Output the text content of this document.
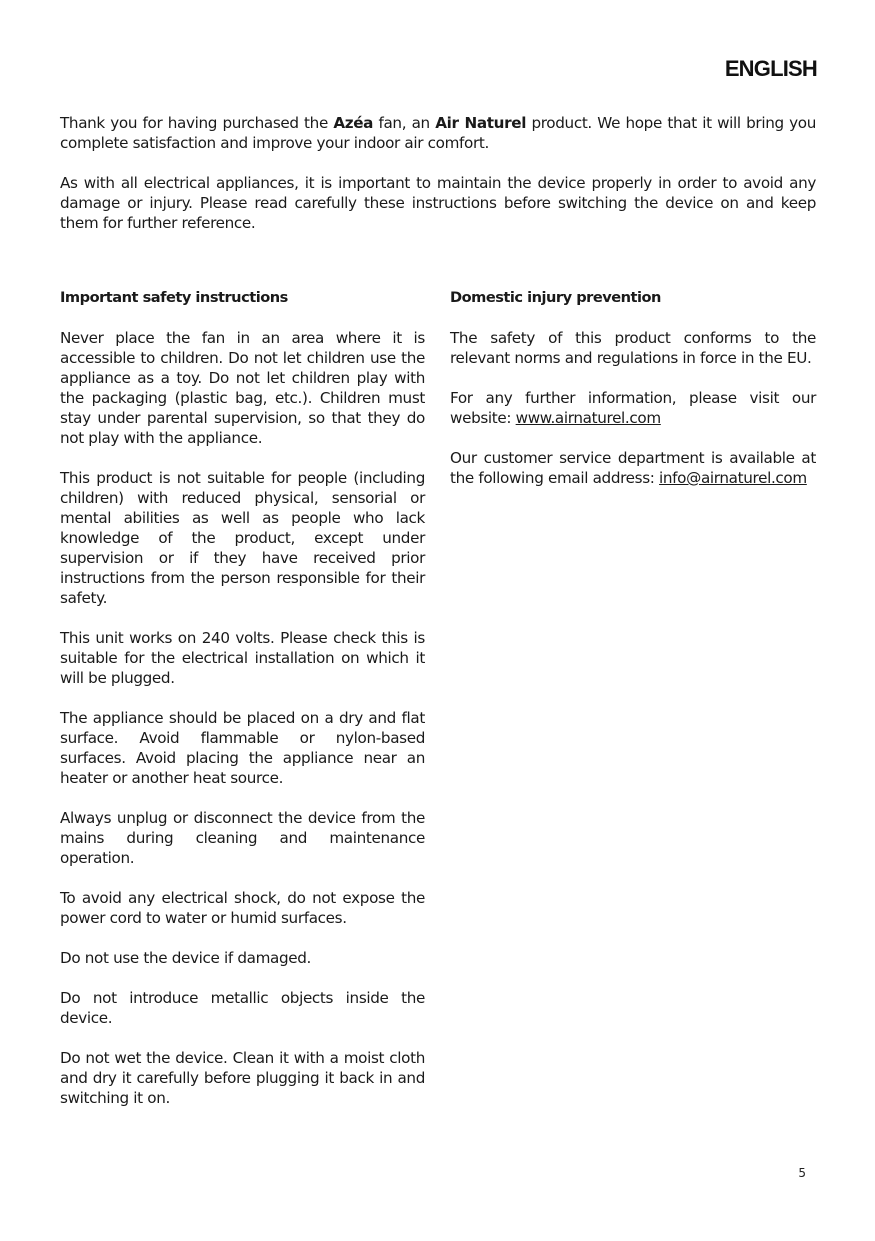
ENGLISH

Thank you for having purchased the Azéa fan, an Air Naturel product. We hope that it will bring you complete satisfaction and improve your indoor air comfort.

As with all electrical appliances, it is important to maintain the device properly in order to avoid any damage or injury. Please read carefully these instructions before switching the device on and keep them for further reference.

Important safety instructions

Never place the fan in an area where it is accessible to children. Do not let children use the appliance as a toy. Do not let children play with the packaging (plastic bag, etc.). Children must stay under parental supervision, so that they do not play with the appliance.

This product is not suitable for people (including children) with reduced physical, sensorial or mental abilities as well as people who lack knowledge of the product, except under supervision or if they have received prior instructions from the person responsible for their safety.

This unit works on 240 volts. Please check this is suitable for the electrical installation on which it will be plugged.

The appliance should be placed on a dry and flat surface. Avoid flammable or nylon-based surfaces. Avoid placing the appliance near an heater or another heat source.

Always unplug or disconnect the device from the mains during cleaning and maintenance operation.

To avoid any electrical shock, do not expose the power cord to water or humid surfaces.

Do not use the device if damaged.

Do not introduce metallic objects inside the device.

Do not wet the device. Clean it with a moist cloth and dry it carefully before plugging it back in and switching it on.

Domestic injury prevention

The safety of this product conforms to the relevant norms and regulations in force in the EU.

For any further information, please visit our website: www.airnaturel.com

Our customer service department is available at the following email address: info@airnaturel.com

5
